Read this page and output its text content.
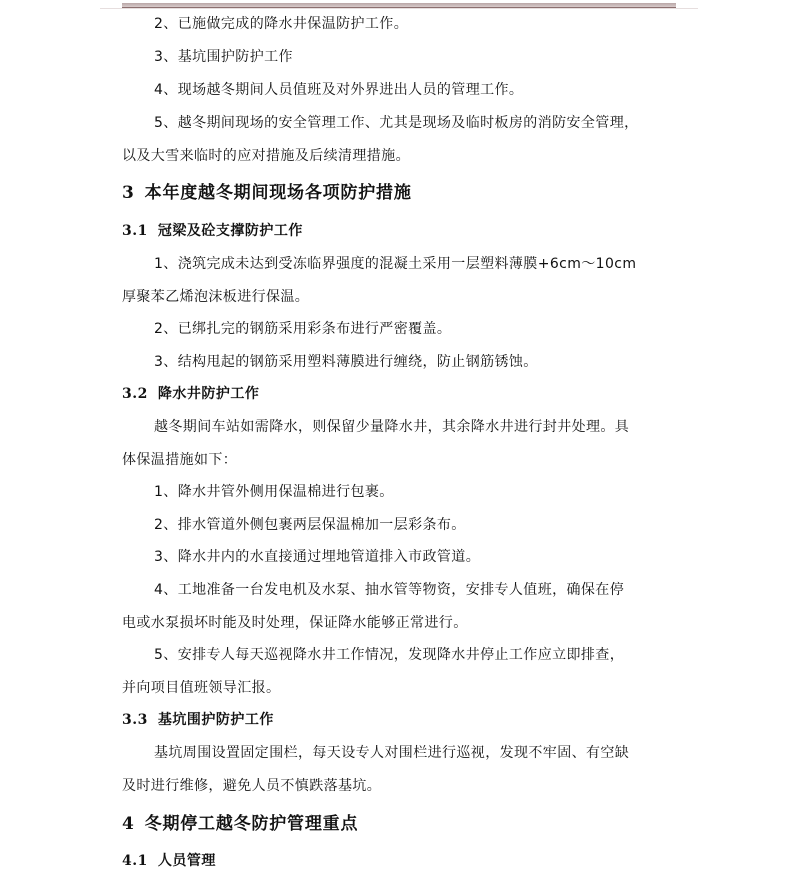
2、已施做完成的降水井保温防护工作。
3、基坑围护防护工作
4、现场越冬期间人员值班及对外界进出人员的管理工作。
5、越冬期间现场的安全管理工作、尤其是现场及临时板房的消防安全管理，
以及大雪来临时的应对措施及后续清理措施。
3 本年度越冬期间现场各项防护措施
3.1 冠梁及砼支撑防护工作
1、浇筑完成未达到受冻临界强度的混凝土采用一层塑料薄膜+6cm～10cm
厚聚苯乙烯泡沫板进行保温。
2、已绑扎完的钢筋采用彩条布进行严密覆盖。
3、结构甩起的钢筋采用塑料薄膜进行缠绕，防止钢筋锈蚀。
3.2 降水井防护工作
越冬期间车站如需降水，则保留少量降水井，其余降水井进行封井处理。具
体保温措施如下：
1、降水井管外侧用保温棉进行包裹。
2、排水管道外侧包裹两层保温棉加一层彩条布。
3、降水井内的水直接通过埋地管道排入市政管道。
4、工地准备一台发电机及水泵、抽水管等物资，安排专人值班，确保在停
电或水泵损坏时能及时处理，保证降水能够正常进行。
5、安排专人每天巡视降水井工作情况，发现降水井停止工作应立即排查，
并向项目值班领导汇报。
3.3 基坑围护防护工作
基坑周围设置固定围栏，每天设专人对围栏进行巡视，发现不牢固、有空缺
及时进行维修，避免人员不慎跌落基坑。
4 冬期停工越冬防护管理重点
4.1 人员管理
